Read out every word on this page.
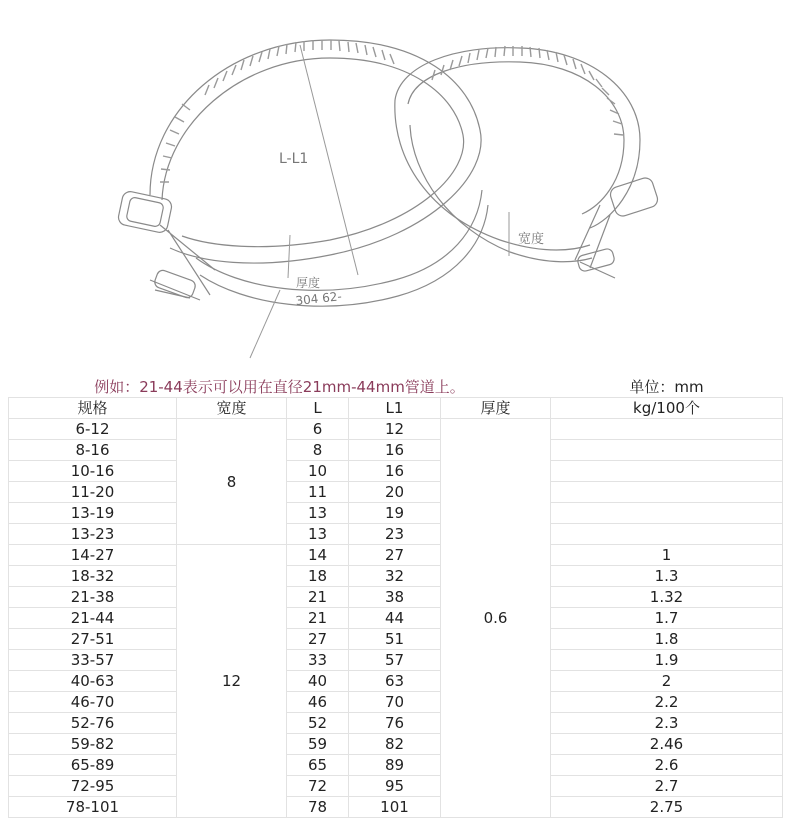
L-L1
宽度
厚度
304 62-
例如：21-44表示可以用在直径21mm-44mm管道上。					单位：mm
规格	宽度	L	L1	厚度	kg/100个
6-12	8	6	12	0.6	
8-16		8	16		
10-16		10	16		
11-20		11	20		
13-19		13	19		
13-23		13	23		
14-27	12	14	27		1
18-32		18	32		1.3
21-38		21	38		1.32
21-44		21	44		1.7
27-51		27	51		1.8
33-57		33	57		1.9
40-63		40	63		2
46-70		46	70		2.2
52-76		52	76		2.3
59-82		59	82		2.46
65-89		65	89		2.6
72-95		72	95		2.7
78-101		78	101		2.75
